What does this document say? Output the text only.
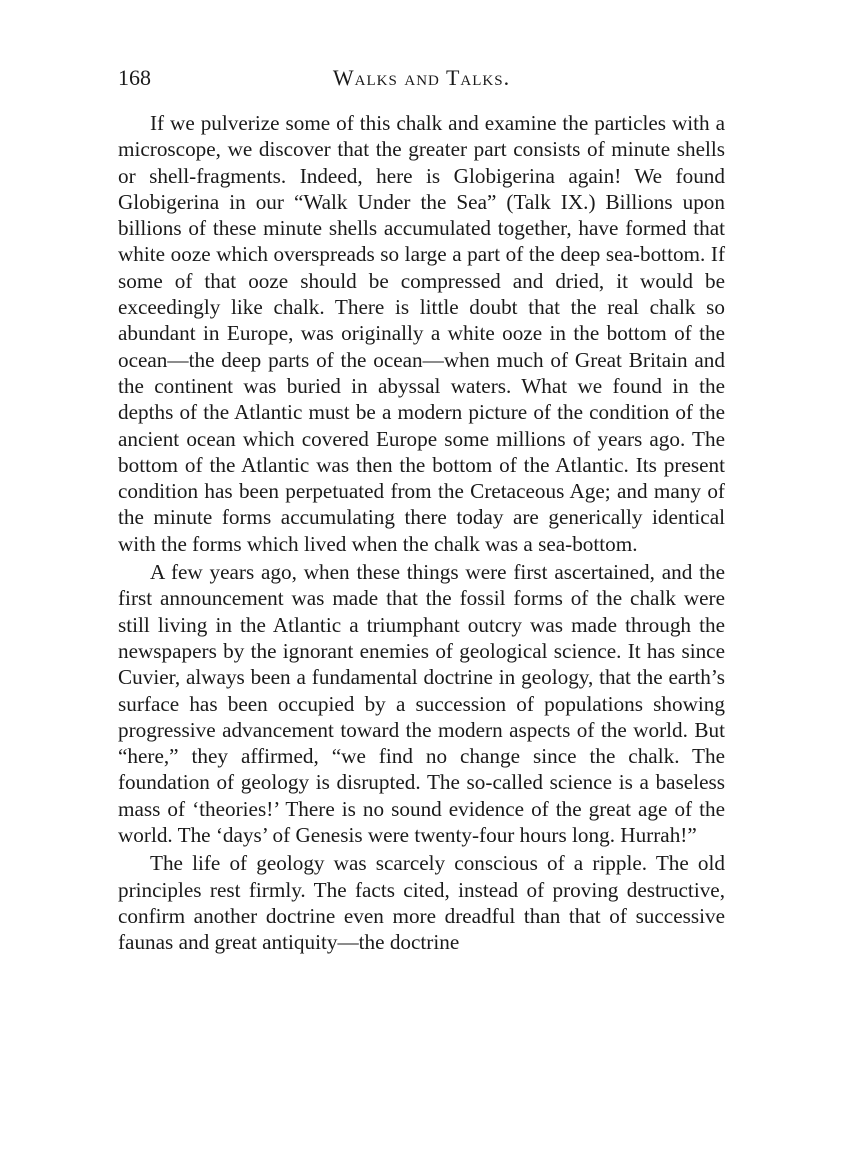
168	Walks and Talks.

If we pulverize some of this chalk and examine the particles with a microscope, we discover that the greater part consists of minute shells or shell-fragments. Indeed, here is Globigerina again! We found Globigerina in our “Walk Under the Sea” (Talk IX.) Billions upon billions of these minute shells accumulated together, have formed that white ooze which overspreads so large a part of the deep sea-bottom. If some of that ooze should be compressed and dried, it would be exceedingly like chalk. There is little doubt that the real chalk so abundant in Europe, was originally a white ooze in the bottom of the ocean—the deep parts of the ocean—when much of Great Britain and the continent was buried in abyssal waters. What we found in the depths of the Atlantic must be a modern picture of the condition of the ancient ocean which covered Europe some millions of years ago. The bottom of the Atlantic was then the bottom of the Atlantic. Its present condition has been perpetuated from the Cretaceous Age; and many of the minute forms accumulating there today are generically identical with the forms which lived when the chalk was a sea-bottom.

A few years ago, when these things were first ascertained, and the first announcement was made that the fossil forms of the chalk were still living in the Atlantic a triumphant outcry was made through the newspapers by the ignorant enemies of geological science. It has since Cuvier, always been a fundamental doctrine in geology, that the earth’s surface has been occupied by a succession of populations showing progressive advancement toward the modern aspects of the world. But “here,” they affirmed, “we find no change since the chalk. The foundation of geology is disrupted. The so-called science is a baseless mass of ‘theories!’ There is no sound evidence of the great age of the world. The ‘days’ of Genesis were twenty-four hours long. Hurrah!”

The life of geology was scarcely conscious of a ripple. The old principles rest firmly. The facts cited, instead of proving destructive, confirm another doctrine even more dreadful than that of successive faunas and great antiquity—the doctrine
